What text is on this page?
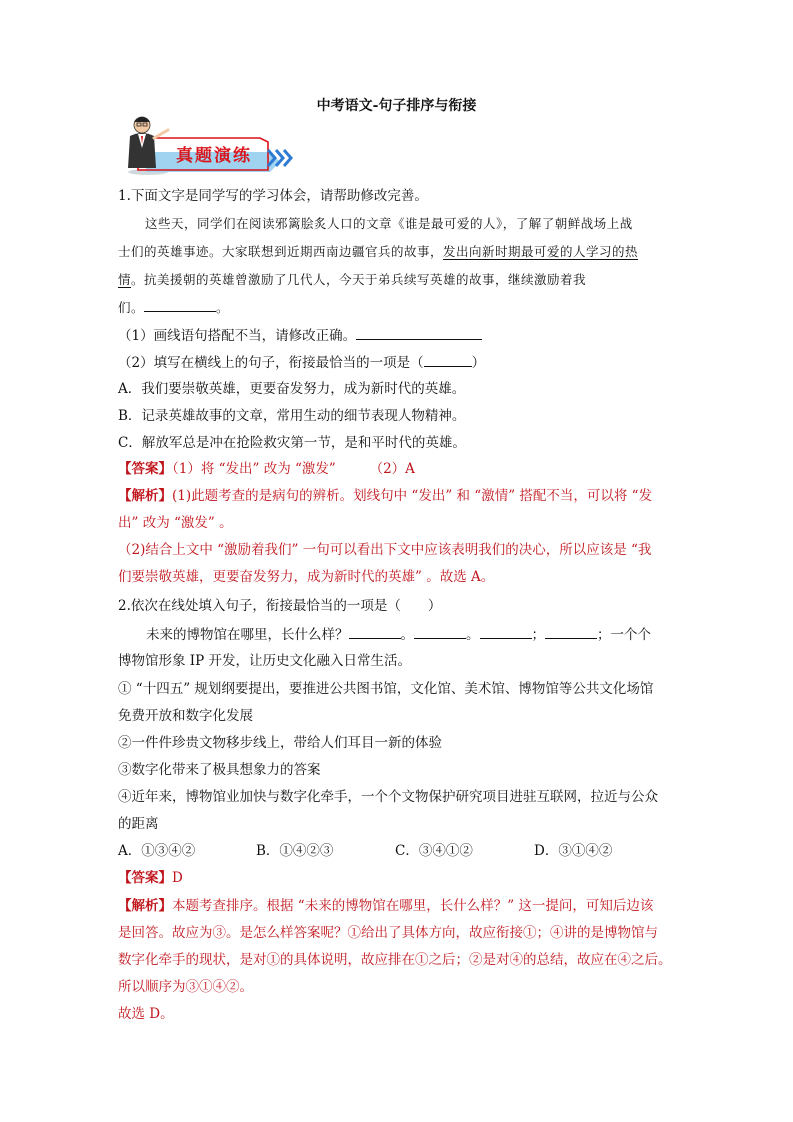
中考语文-句子排序与衔接
真题演练
1.下面文字是同学写的学习体会，请帮助修改完善。
这些天，同学们在阅读邪篱脍炙人口的文章《谁是最可爱的人》，了解了朝鲜战场上战
士们的英雄事迹。大家联想到近期西南边疆官兵的故事，发出向新时期最可爱的人学习的热
情。抗美援朝的英雄曾激励了几代人，今天于弟兵续写英雄的故事，继续激励着我
们。	。
（1）画线语句搭配不当，请修改正确。
（2）填写在横线上的句子，衔接最恰当的一项是（	）
A．我们要崇敬英雄，更要奋发努力，成为新时代的英雄。
B．记录英雄故事的文章，常用生动的细节表现人物精神。
C．解放军总是冲在抢险救灾第一节，是和平时代的英雄。
【答案】（1）将 “发出” 改为 “激发”　　　（2）A
【解析】(1)此题考查的是病句的辨析。划线句中 “发出” 和 “激情” 搭配不当，可以将 “发
出” 改为 “激发” 。
（2)结合上文中 “激励着我们” 一句可以看出下文中应该表明我们的决心，所以应该是 “我
们要崇敬英雄，更要奋发努力，成为新时代的英雄” 。故选 A。
2.依次在线处填入句子，衔接最恰当的一项是（　　）
未来的博物馆在哪里，长什么样？	。	。	；	；一个个
博物馆形象 IP 开发，让历史文化融入日常生活。
① “十四五” 规划纲要提出，要推进公共图书馆，文化馆、美术馆、博物馆等公共文化场馆
免费开放和数字化发展
②一件件珍贵文物移步线上，带给人们耳目一新的体验
③数字化带来了极具想象力的答案
④近年来，博物馆业加快与数字化牵手，一个个文物保护研究项目进驻互联网，拉近与公众
的距离
A．①③④②	B．①④②③	C．③④①②	D．③①④②
【答案】D
【解析】本题考查排序。根据 “未来的博物馆在哪里，长什么样？” 这一提问，可知后边该
是回答。故应为③。是怎么样答案呢？①给出了具体方向，故应衔接①；④讲的是博物馆与
数字化牵手的现状，是对①的具体说明，故应排在①之后；②是对④的总结，故应在④之后。
所以顺序为③①④②。
故选 D。
